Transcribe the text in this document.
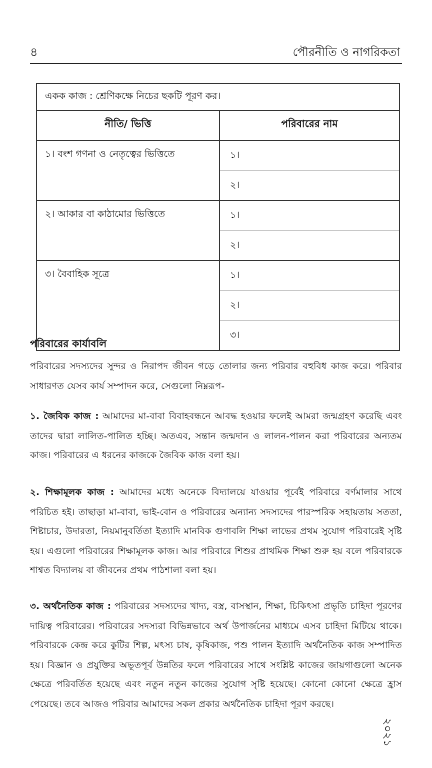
৪	পৌরনীতি ও নাগরিকতা
একক কাজ : শ্রেণিকক্ষে নিচের ছকটি পূরণ কর।
নীতি/ ভিত্তি	পরিবারের নাম
১। বংশ গণনা ও নেতৃত্বের ভিত্তিতে	১।
২।

২। আকার বা কাঠামোর ভিত্তিতে	১।
২।

৩। বৈবাহিক সূত্রে	১।
২।
৩।
পরিবারের কার্যাবলি
পরিবারের সদস্যদের সুন্দর ও নিরাপদ জীবন গড়ে তোলার জন্য পরিবার বহুবিধ কাজ করে। পরিবার সাধারণত যেসব কার্য সম্পাদন করে, সেগুলো নিম্নরূপ-
১. জৈবিক কাজ : আমাদের মা-বাবা বিবাহবন্ধনে আবদ্ধ হওয়ার ফলেই আমরা জন্মগ্রহণ করেছি এবং তাদের দ্বারা লালিত-পালিত হচ্ছি। অতএব, সন্তান জন্মদান ও লালন-পালন করা পরিবারের অন্যতম কাজ। পরিবারের এ ধরনের কাজকে জৈবিক কাজ বলা হয়।
২. শিক্ষামূলক কাজ : আমাদের মধ্যে অনেকে বিদ্যালয়ে যাওয়ার পূর্বেই পরিবারে বর্ণমালার সাথে পরিচিত হই। তাছাড়া মা-বাবা, ভাই-বোন ও পরিবারের অন্যান্য সদস্যদের পারস্পরিক সহায়তায় সততা, শিষ্টাচার, উদারতা, নিয়মানুবর্তিতা ইত্যাদি মানবিক গুণাবলি শিক্ষা লাভের প্রথম সুযোগ পরিবারেই সৃষ্টি হয়। এগুলো পরিবারের শিক্ষামূলক কাজ। আর পরিবারে শিশুর প্রাথমিক শিক্ষা শুরু হয় বলে পরিবারকে শাশ্বত বিদ্যালয় বা জীবনের প্রথম পাঠশালা বলা হয়।
৩. অর্থনৈতিক কাজ : পরিবারের সদস্যদের খাদ্য, বস্ত্র, বাসস্থান, শিক্ষা, চিকিৎসা প্রভৃতি চাহিদা পূরণের দায়িত্ব পরিবারের। পরিবারের সদস্যরা বিভিন্নভাবে অর্থ উপার্জনের মাধ্যমে এসব চাহিদা মিটিয়ে থাকে। পরিবারকে কেন্দ্র করে কুটির শিল্প, মৎস্য চাষ, কৃষিকাজ, পশু পালন ইত্যাদি অর্থনৈতিক কাজ সম্পাদিত হয়। বিজ্ঞান ও প্রযুক্তির অভূতপূর্ব উন্নতির ফলে পরিবারের সাথে সংশ্লিষ্ট কাজের জায়গাগুলো অনেক ক্ষেত্রে পরিবর্তিত হয়েছে এবং নতুন নতুন কাজের সুযোগ সৃষ্টি হয়েছে। কোনো কোনো ক্ষেত্রে হ্রাস পেয়েছে। তবে আজও পরিবার আমাদের সকল প্রকার অর্থনৈতিক চাহিদা পূরণ করছে।
২০২১
